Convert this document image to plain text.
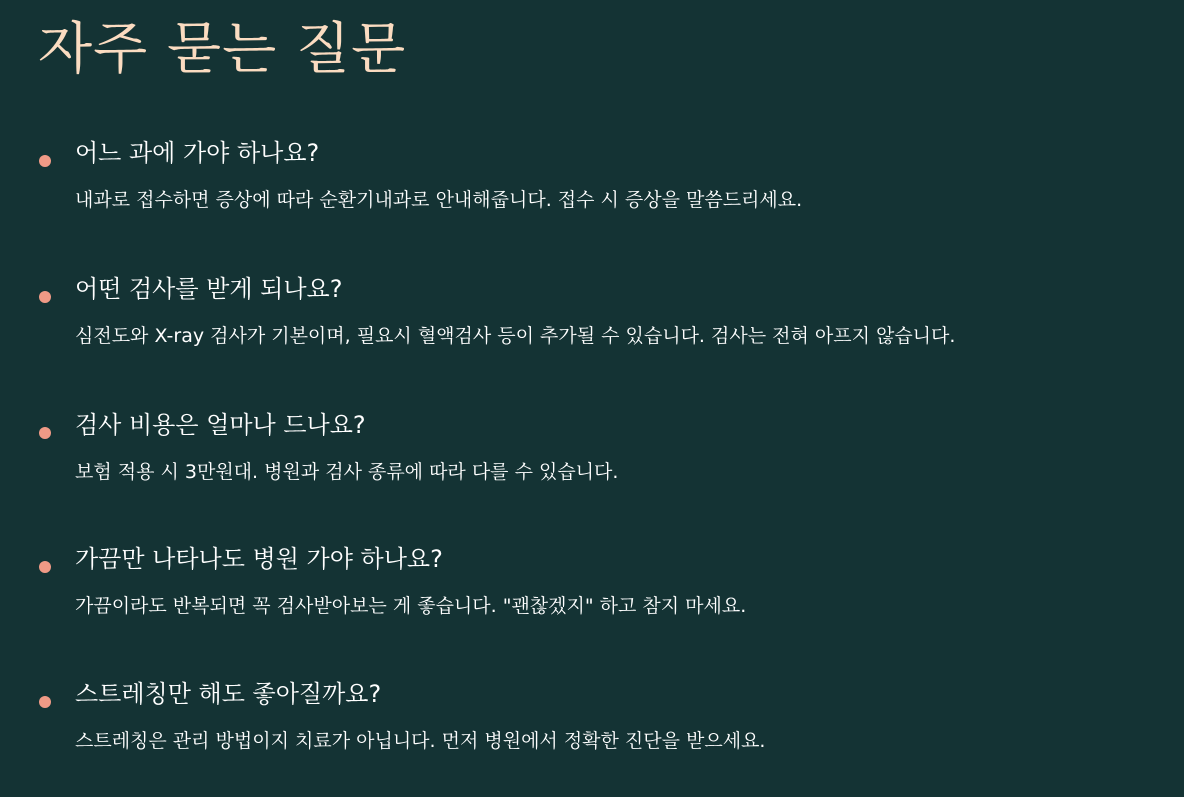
자주 묻는 질문
어느 과에 가야 하나요?

내과로 접수하면 증상에 따라 순환기내과로 안내해줍니다. 접수 시 증상을 말씀드리세요.

어떤 검사를 받게 되나요?

심전도와 X-ray 검사가 기본이며, 필요시 혈액검사 등이 추가될 수 있습니다. 검사는 전혀 아프지 않습니다.

검사 비용은 얼마나 드나요?

보험 적용 시 3만원대. 병원과 검사 종류에 따라 다를 수 있습니다.

가끔만 나타나도 병원 가야 하나요?

가끔이라도 반복되면 꼭 검사받아보는 게 좋습니다. "괜찮겠지" 하고 참지 마세요.

스트레칭만 해도 좋아질까요?

스트레칭은 관리 방법이지 치료가 아닙니다. 먼저 병원에서 정확한 진단을 받으세요.
